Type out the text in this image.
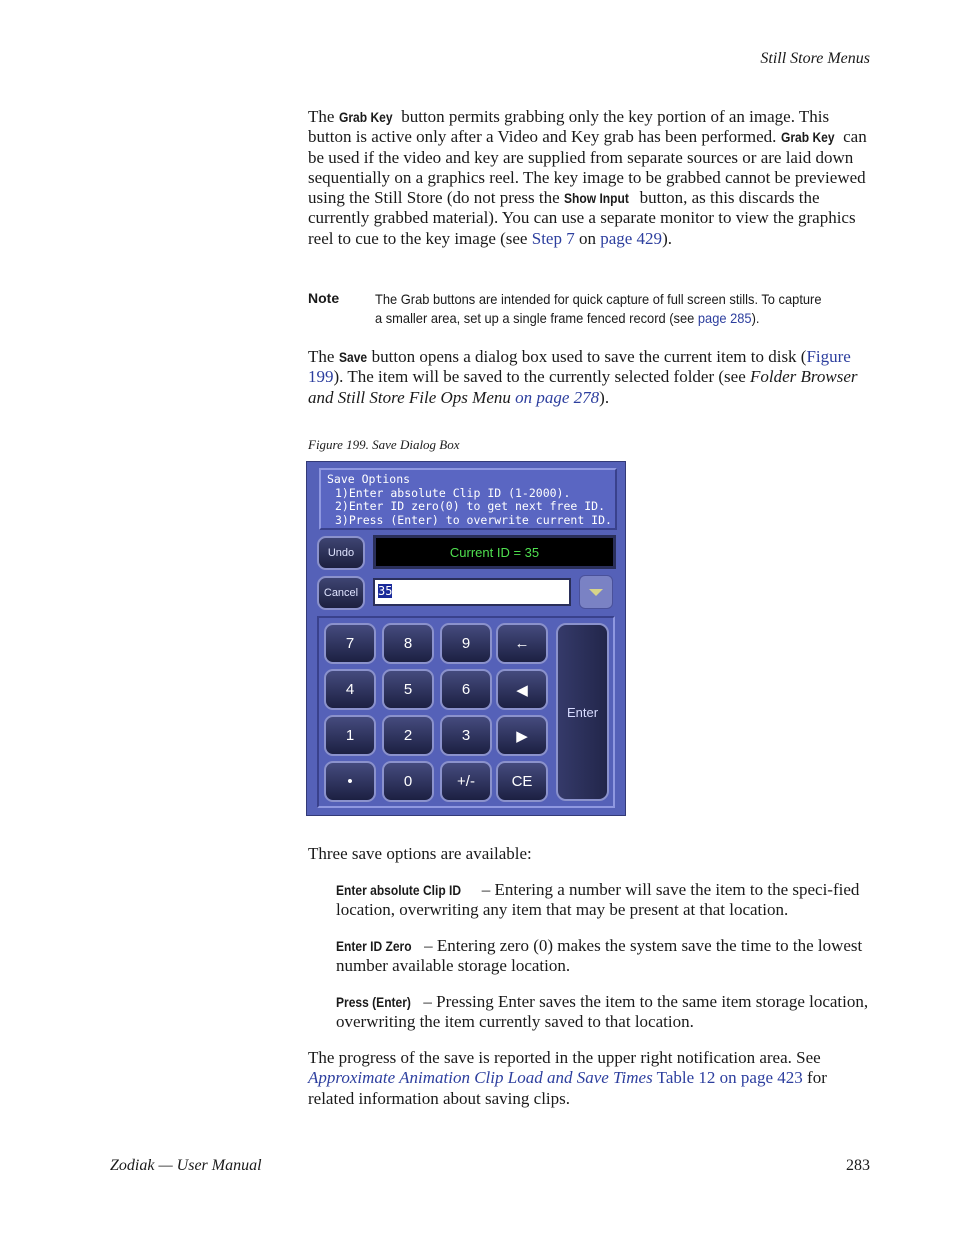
Still Store Menus
The Grab Key button permits grabbing only the key portion of an image. This button is active only after a Video and Key grab has been performed. Grab Key can be used if the video and key are supplied from separate sources or are laid down sequentially on a graphics reel. The key image to be grabbed cannot be previewed using the Still Store (do not press the Show Input button, as this discards the currently grabbed material). You can use a separate monitor to view the graphics reel to cue to the key image (see Step 7 on page 429).
Note	The Grab buttons are intended for quick capture of full screen stills. To capture a smaller area, set up a single frame fenced record (see page 285).
The Save button opens a dialog box used to save the current item to disk (Figure 199). The item will be saved to the currently selected folder (see Folder Browser and Still Store File Ops Menu on page 278).
Figure 199. Save Dialog Box
Save Options
1)Enter absolute Clip ID (1-2000).
2)Enter ID zero(0) to get next free ID.
3)Press (Enter) to overwrite current ID.
Undo	Current ID = 35
Cancel	35
7	8	9	←
4	5	6	◀
1	2	3	▶
•	0	+/-	CE
Enter
Three save options are available:
Enter absolute Clip ID – Entering a number will save the item to the speci-fied location, overwriting any item that may be present at that location.
Enter ID Zero – Entering zero (0) makes the system save the time to the lowest number available storage location.
Press (Enter) – Pressing Enter saves the item to the same item storage location, overwriting the item currently saved to that location.
The progress of the save is reported in the upper right notification area. See Approximate Animation Clip Load and Save Times Table 12 on page 423 for related information about saving clips.
Zodiak — User Manual	283
